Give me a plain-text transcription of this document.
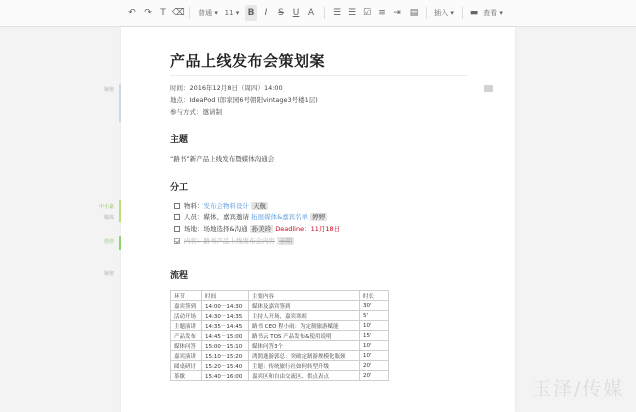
↶ ↷ T ⌫ 普通 ▾ 11 ▾ B	I	S U A	☰ ☰ ☑ ≡ ⇥ ▤ 插入 ▾ ▬ 查看 ▾
嫁娶
中小嘉
媒体
佳佳
嫁娶
产品上线发布会策划案
时间：2016年12月8日（周四）14:00
地点：IdeaPod (郎家园6号朝阳vintage3号楼1层)
参与方式：邀请制
主题
“路书”新产品上线发布暨媒体沟通会
分工
物料：发布会物料设计 天航
人员：媒体、嘉宾邀请 拓展媒体&嘉宾名单 婷婷
场地：场地选择&沟通 孙美玲 Deadline：11月18日
内容：路书产品上线发布会内容 子明
流程
环节	时间	主要内容	时长
嘉宾签到	14:00－14:30	媒体及嘉宾签到	30'
活动开场	14:30－14:35	主持人开场、嘉宾寒暄	5'
主题演讲	14:35－14:45	路书 CEO 程小雨：为定制旅游赋能	10'
产品发布	14:45－15:00	路书云 TOS 产品发布&使用说明	15'
媒体问答	15:00－15:10	媒体问答3个	10'
嘉宾演讲	15:10－15:20	鸿鹄逸游郭总：突破定制游规模化瓶颈	10'
圆桌研讨	15:20－15:40	主题：传统旅行社如何转型升级	20'
茶歇	15:40－16:00	嘉宾区和自由交流区、供点表点	20'
玉泽/传媒
